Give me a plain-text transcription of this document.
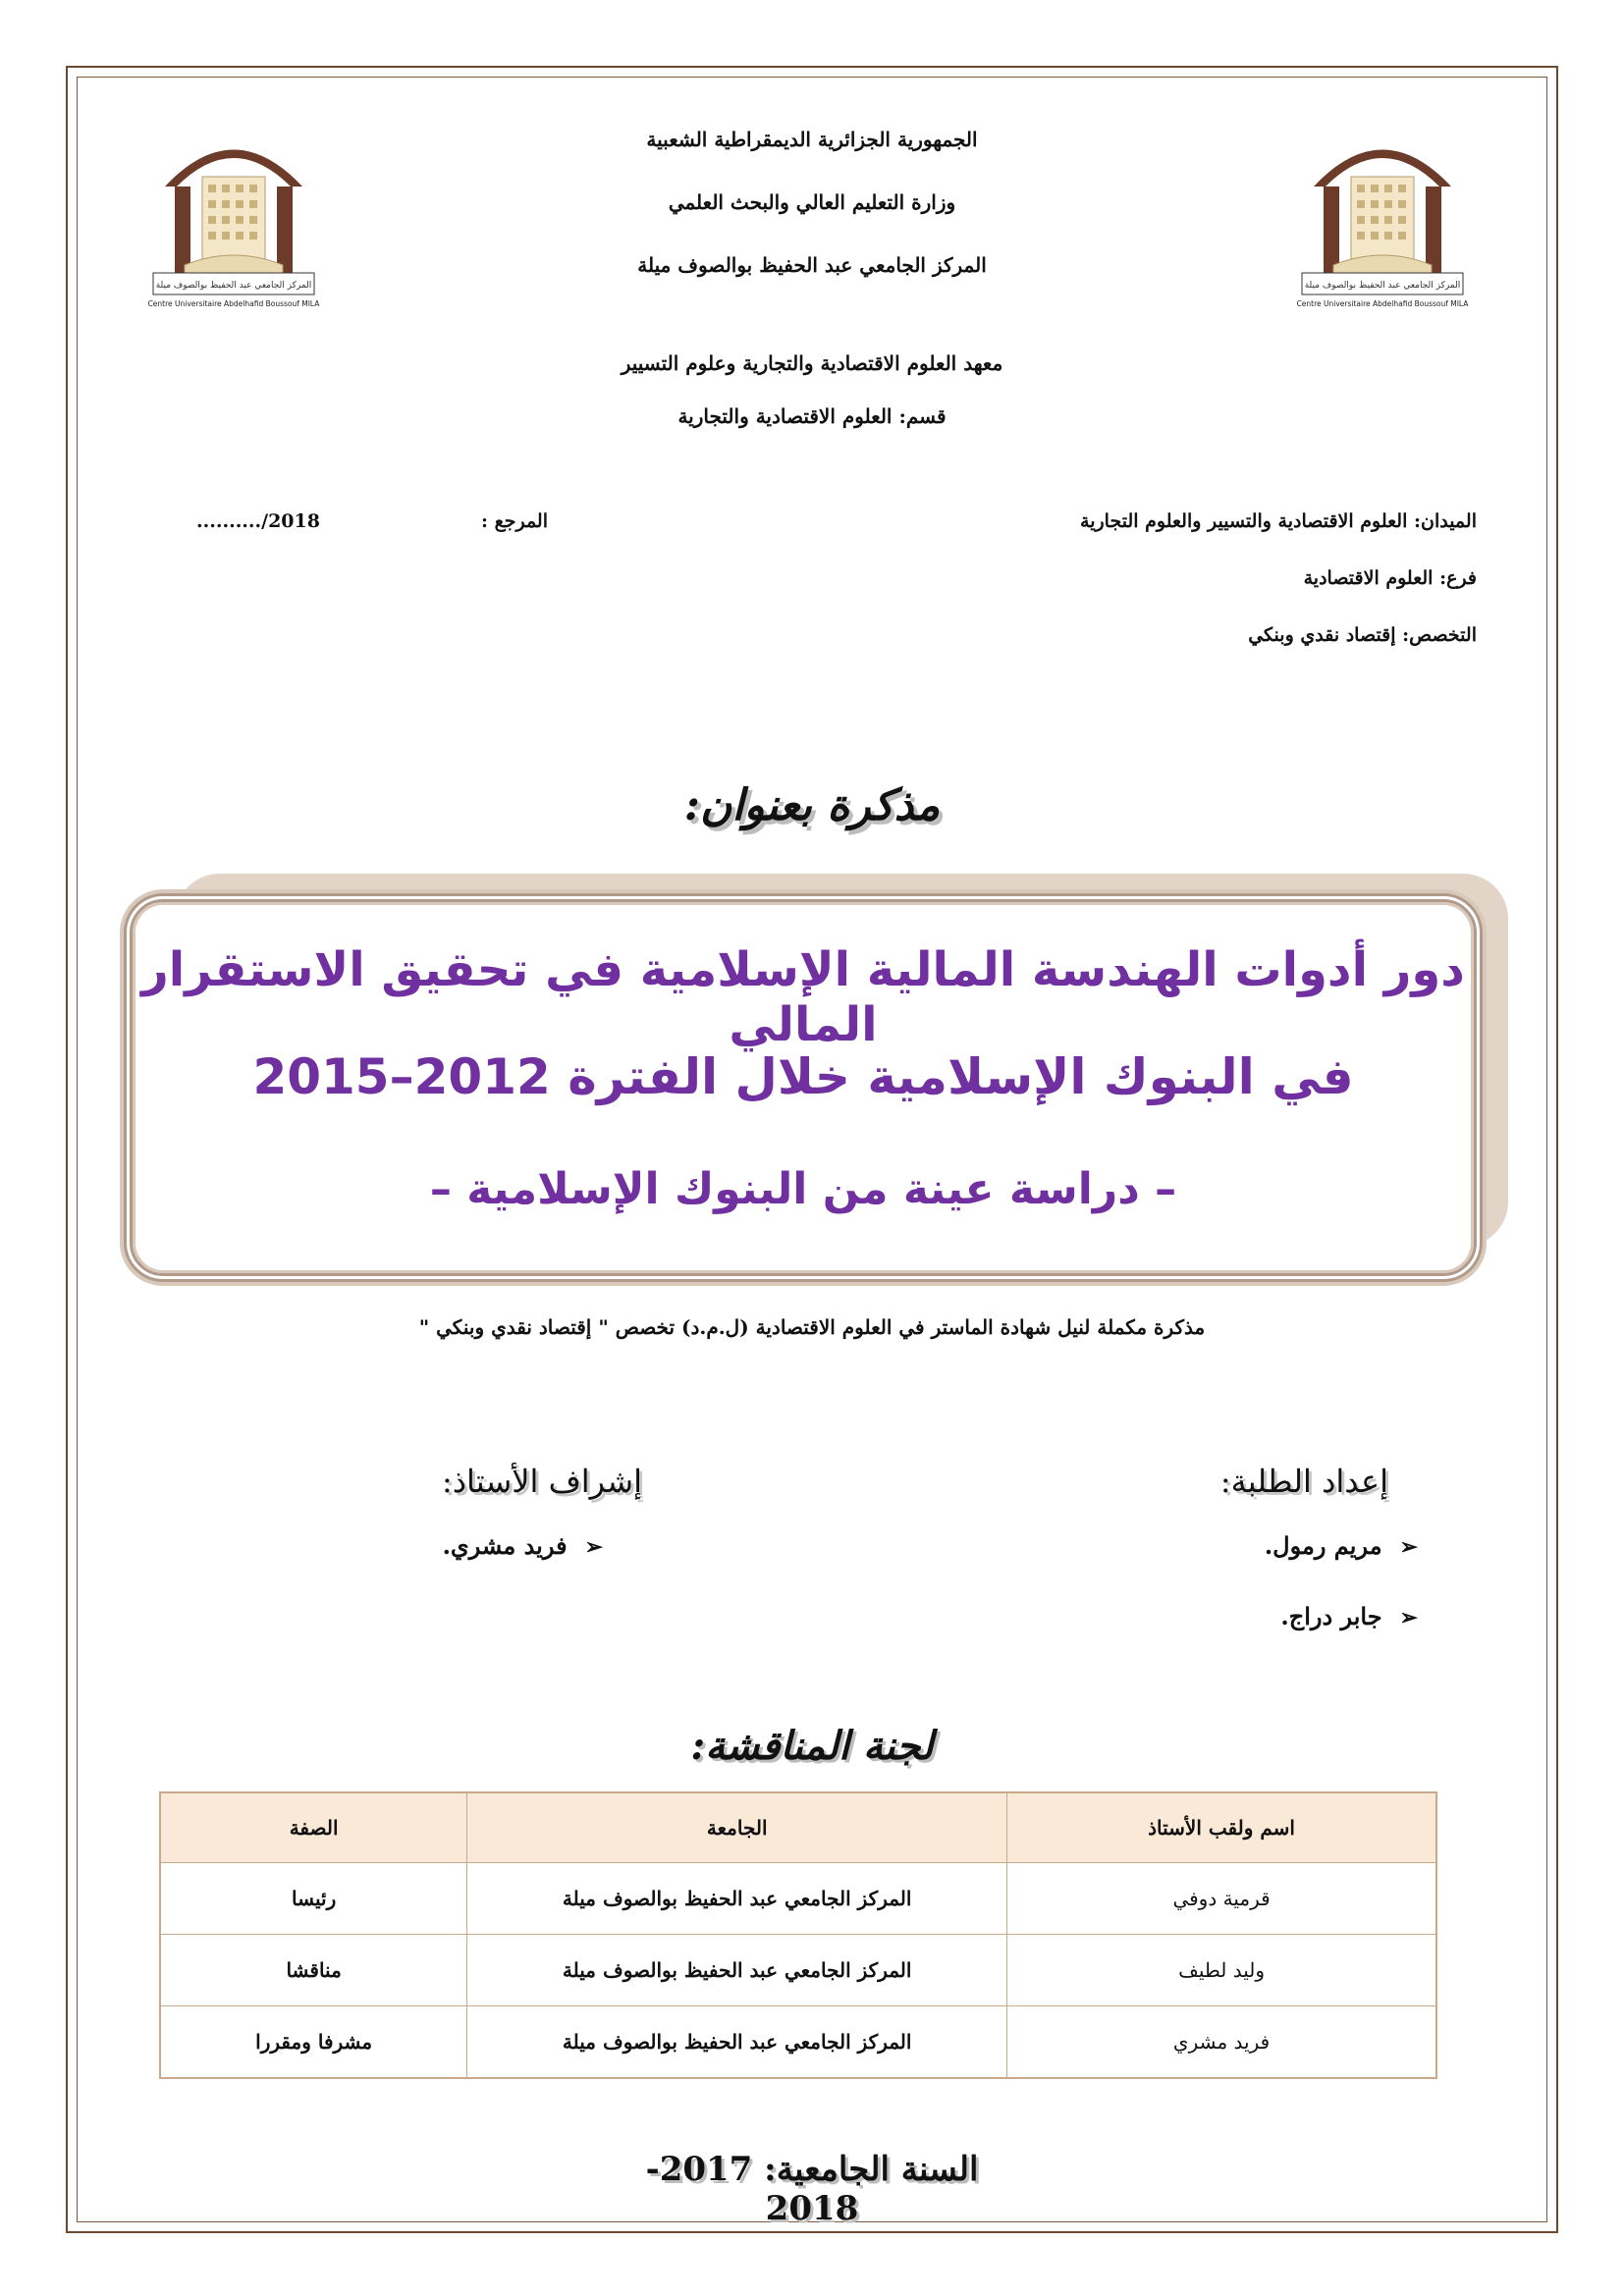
المركز الجامعي عبد الحفيظ بوالصوف ميلة
Centre Universitaire Abdelhafid Boussouf MILA
المركز الجامعي عبد الحفيظ بوالصوف ميلة
Centre Universitaire Abdelhafid Boussouf MILA
الجمهورية الجزائرية الديمقراطية الشعبية
وزارة التعليم العالي والبحث العلمي
المركز الجامعي عبد الحفيظ بوالصوف ميلة
معهد العلوم الاقتصادية والتجارية وعلوم التسيير
قسم: العلوم الاقتصادية والتجارية
الميدان: العلوم الاقتصادية والتسيير والعلوم التجارية
فرع: العلوم الاقتصادية
التخصص: إقتصاد نقدي وبنكي
........../2018	المرجع :
مذكرة بعنوان:
دور أدوات الهندسة المالية الإسلامية في تحقيق الاستقرار المالي
في البنوك الإسلامية خلال الفترة 2012–2015
– دراسة عينة من البنوك الإسلامية –
مذكرة مكملة لنيل شهادة الماستر في العلوم الاقتصادية (ل.م.د) تخصص " إقتصاد نقدي وبنكي "
إعداد الطلبة:
➢مريم رمول.
➢جابر دراج.
إشراف الأستاذ:
➢فريد مشري.
لجنة المناقشة:
اسم ولقب الأستاذ	الجامعة	الصفة
قرمية دوفي	المركز الجامعي عبد الحفيظ بوالصوف ميلة	رئيسا
وليد لطيف	المركز الجامعي عبد الحفيظ بوالصوف ميلة	مناقشا
فريد مشري	المركز الجامعي عبد الحفيظ بوالصوف ميلة	مشرفا ومقررا
السنة الجامعية: 2017-2018
